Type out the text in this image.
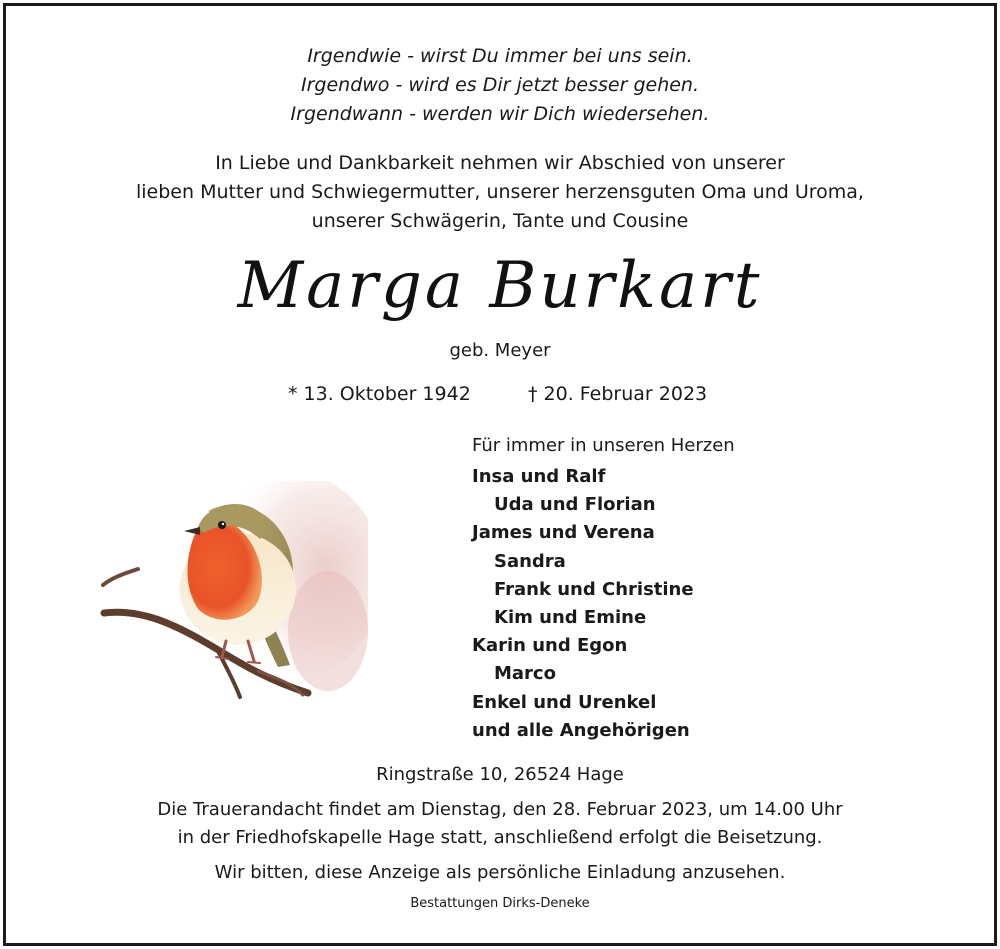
Irgendwie - wirst Du immer bei uns sein.
Irgendwo - wird es Dir jetzt besser gehen.
Irgendwann - werden wir Dich wiedersehen.
In Liebe und Dankbarkeit nehmen wir Abschied von unserer
lieben Mutter und Schwiegermutter, unserer herzensguten Oma und Uroma,
unserer Schwägerin, Tante und Cousine
Marga Burkart
geb. Meyer
* 13. Oktober 1942	† 20. Februar 2023
Für immer in unseren Herzen
Insa und Ralf
Uda und Florian
James und Verena
Sandra
Frank und Christine
Kim und Emine
Karin und Egon
Marco
Enkel und Urenkel
und alle Angehörigen
Ringstraße 10, 26524 Hage
Die Trauerandacht findet am Dienstag, den 28. Februar 2023, um 14.00 Uhr
in der Friedhofskapelle Hage statt, anschließend erfolgt die Beisetzung.
Wir bitten, diese Anzeige als persönliche Einladung anzusehen.
Bestattungen Dirks-Deneke
